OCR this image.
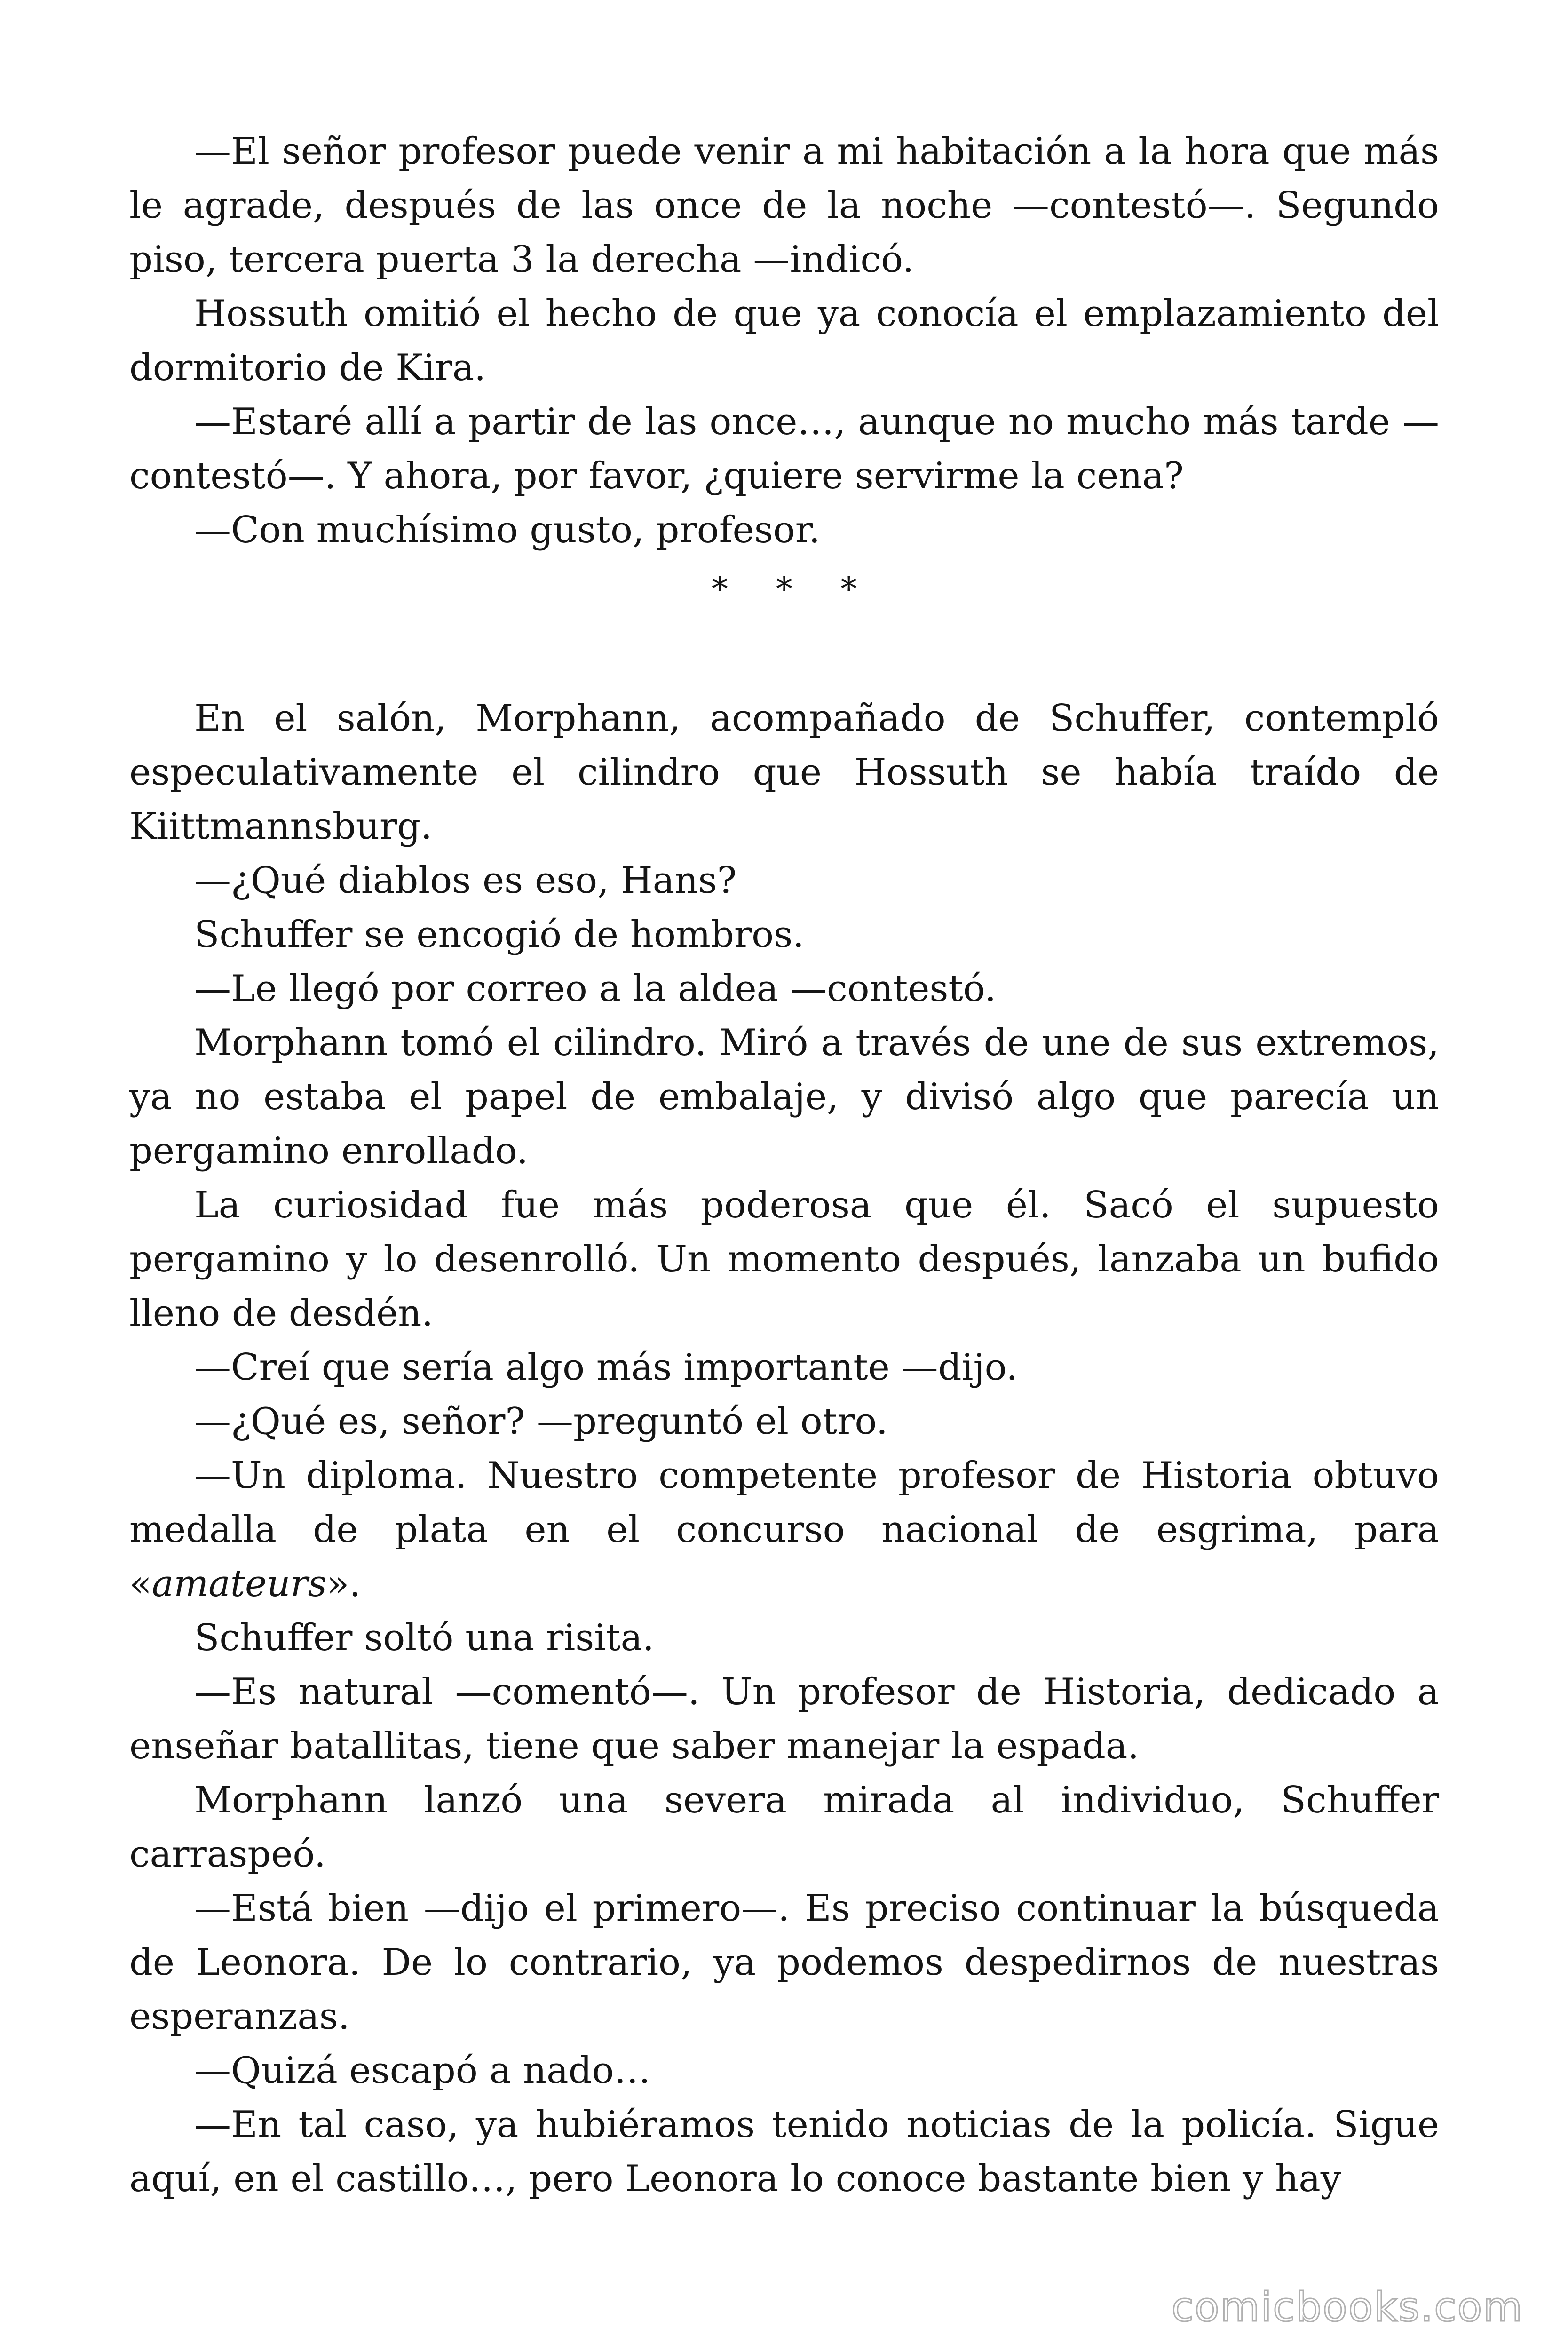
—El señor profesor puede venir a mi habitación a la hora que más le agrade, después de las once de la noche —contestó—. Segundo piso, tercera puerta 3 la derecha —indicó.

Hossuth omitió el hecho de que ya conocía el emplazamiento del dormitorio de Kira.

—Estaré allí a partir de las once…, aunque no mucho más tarde —contestó—. Y ahora, por favor, ¿quiere servirme la cena?

—Con muchísimo gusto, profesor.

* * *

En el salón, Morphann, acompañado de Schuffer, contempló especulativamente el cilindro que Hossuth se había traído de Kiittmannsburg.

—¿Qué diablos es eso, Hans?

Schuffer se encogió de hombros.

—Le llegó por correo a la aldea —contestó.

Morphann tomó el cilindro. Miró a través de une de sus extremos, ya no estaba el papel de embalaje, y divisó algo que parecía un pergamino enrollado.

La curiosidad fue más poderosa que él. Sacó el supuesto pergamino y lo desenrolló. Un momento después, lanzaba un bufido lleno de desdén.

—Creí que sería algo más importante —dijo.

—¿Qué es, señor? —preguntó el otro.

—Un diploma. Nuestro competente profesor de Historia obtuvo medalla de plata en el concurso nacional de esgrima, para «amateurs».

Schuffer soltó una risita.

—Es natural —comentó—. Un profesor de Historia, dedicado a enseñar batallitas, tiene que saber manejar la espada.

Morphann lanzó una severa mirada al individuo, Schuffer carraspeó.

—Está bien —dijo el primero—. Es preciso continuar la búsqueda de Leonora. De lo contrario, ya podemos despedirnos de nuestras esperanzas.

—Quizá escapó a nado…

—En tal caso, ya hubiéramos tenido noticias de la policía. Sigue aquí, en el castillo…, pero Leonora lo conoce bastante bien y hay

comicbooks.com
